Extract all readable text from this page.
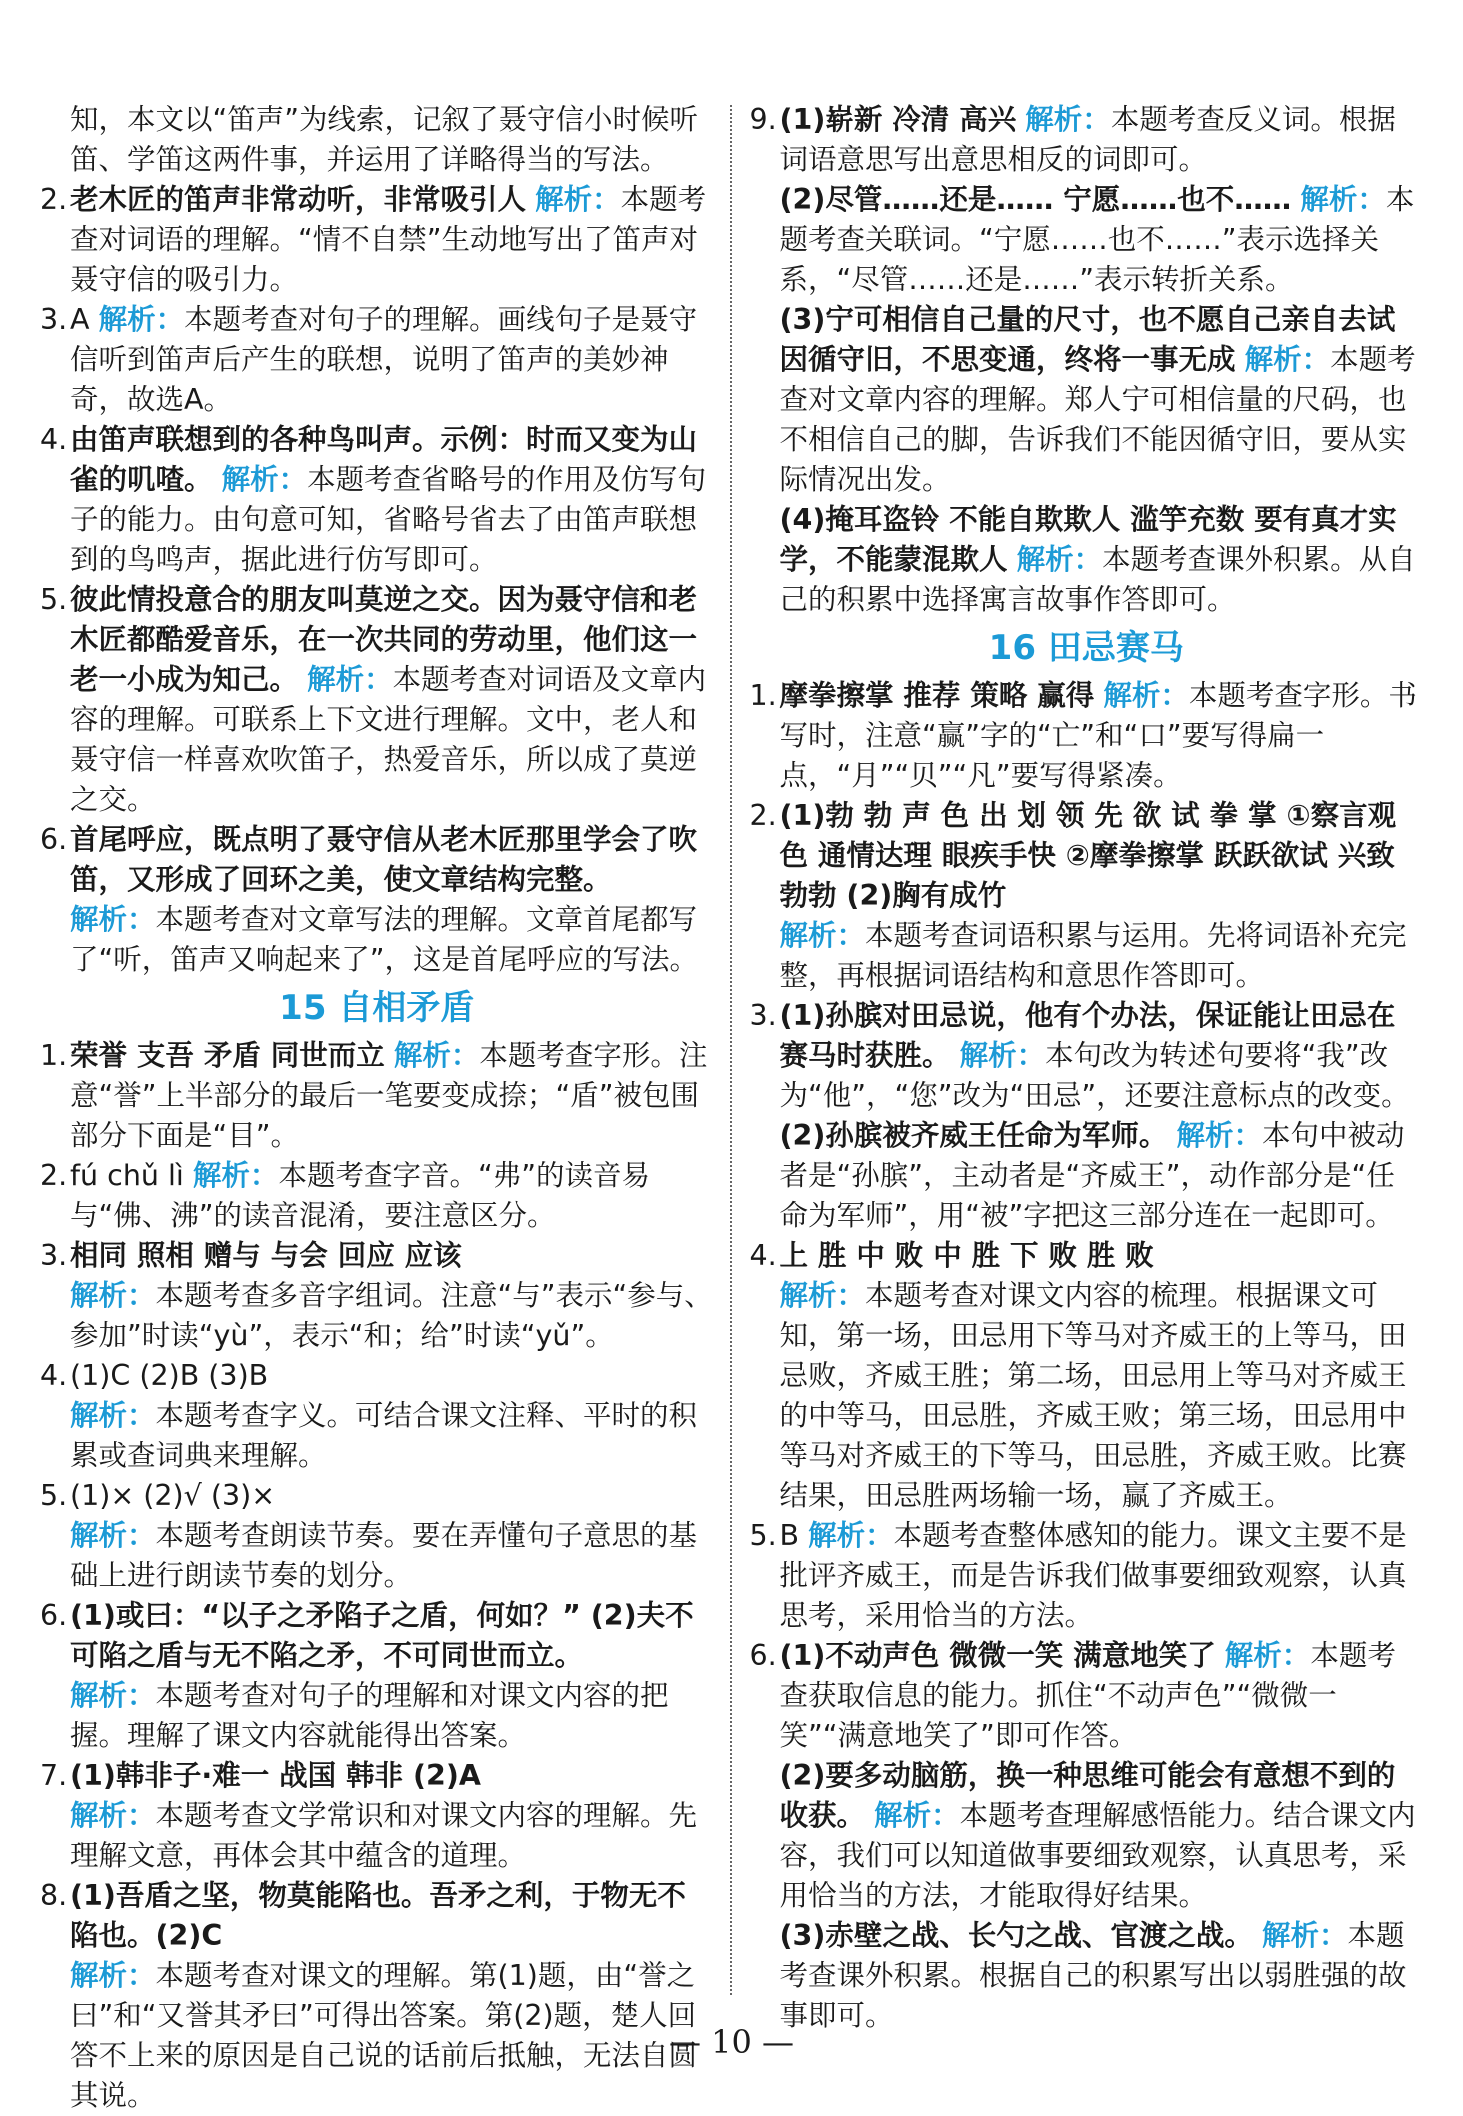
知，本文以“笛声”为线索，记叙了聂守信小时候听笛、学笛这两件事，并运用了详略得当的写法。

2.老木匠的笛声非常动听，非常吸引人 解析：本题考查对词语的理解。“情不自禁”生动地写出了笛声对聂守信的吸引力。

3.A 解析：本题考查对句子的理解。画线句子是聂守信听到笛声后产生的联想，说明了笛声的美妙神奇，故选A。

4.由笛声联想到的各种鸟叫声。示例：时而又变为山雀的叽喳。 解析：本题考查省略号的作用及仿写句子的能力。由句意可知，省略号省去了由笛声联想到的鸟鸣声，据此进行仿写即可。

5.彼此情投意合的朋友叫莫逆之交。因为聂守信和老木匠都酷爱音乐，在一次共同的劳动里，他们这一老一小成为知己。 解析：本题考查对词语及文章内容的理解。可联系上下文进行理解。文中，老人和聂守信一样喜欢吹笛子，热爱音乐，所以成了莫逆之交。

6.首尾呼应，既点明了聂守信从老木匠那里学会了吹笛，又形成了回环之美，使文章结构完整。

解析：本题考查对文章写法的理解。文章首尾都写了“听，笛声又响起来了”，这是首尾呼应的写法。

15 自相矛盾

1.荣誉 支吾 矛盾 同世而立 解析：本题考查字形。注意“誉”上半部分的最后一笔要变成捺；“盾”被包围部分下面是“目”。

2.fú chǔ lì 解析：本题考查字音。“弗”的读音易与“佛、沸”的读音混淆，要注意区分。

3.相同 照相 赠与 与会 回应 应该

解析：本题考查多音字组词。注意“与”表示“参与、参加”时读“yù”，表示“和；给”时读“yǔ”。

4.(1)C (2)B (3)B

解析：本题考查字义。可结合课文注释、平时的积累或查词典来理解。

5.(1)× (2)√ (3)×

解析：本题考查朗读节奏。要在弄懂句子意思的基础上进行朗读节奏的划分。

6.(1)或曰：“以子之矛陷子之盾，何如？” (2)夫不可陷之盾与无不陷之矛，不可同世而立。

解析：本题考查对句子的理解和对课文内容的把握。理解了课文内容就能得出答案。

7.(1)韩非子·难一 战国 韩非 (2)A

解析：本题考查文学常识和对课文内容的理解。先理解文意，再体会其中蕴含的道理。

8.(1)吾盾之坚，物莫能陷也。吾矛之利，于物无不陷也。(2)C

解析：本题考查对课文的理解。第(1)题，由“誉之曰”和“又誉其矛曰”可得出答案。第(2)题，楚人回答不上来的原因是自己说的话前后抵触，无法自圆其说。

9.(1)崭新 冷清 高兴 解析：本题考查反义词。根据词语意思写出意思相反的词即可。

(2)尽管……还是…… 宁愿……也不…… 解析：本题考查关联词。“宁愿……也不……”表示选择关系，“尽管……还是……”表示转折关系。

(3)宁可相信自己量的尺寸，也不愿自己亲自去试 因循守旧，不思变通，终将一事无成 解析：本题考查对文章内容的理解。郑人宁可相信量的尺码，也不相信自己的脚，告诉我们不能因循守旧，要从实际情况出发。

(4)掩耳盗铃 不能自欺欺人 滥竽充数 要有真才实学，不能蒙混欺人 解析：本题考查课外积累。从自己的积累中选择寓言故事作答即可。

16 田忌赛马

1.摩拳擦掌 推荐 策略 赢得 解析：本题考查字形。书写时，注意“赢”字的“亡”和“口”要写得扁一点，“月”“贝”“凡”要写得紧凑。

2.(1)勃 勃 声 色 出 划 领 先 欲 试 拳 掌 ①察言观色 通情达理 眼疾手快 ②摩拳擦掌 跃跃欲试 兴致勃勃 (2)胸有成竹

解析：本题考查词语积累与运用。先将词语补充完整，再根据词语结构和意思作答即可。

3.(1)孙膑对田忌说，他有个办法，保证能让田忌在赛马时获胜。 解析：本句改为转述句要将“我”改为“他”，“您”改为“田忌”，还要注意标点的改变。

(2)孙膑被齐威王任命为军师。 解析：本句中被动者是“孙膑”，主动者是“齐威王”，动作部分是“任命为军师”，用“被”字把这三部分连在一起即可。

4.上 胜 中 败 中 胜 下 败 胜 败

解析：本题考查对课文内容的梳理。根据课文可知，第一场，田忌用下等马对齐威王的上等马，田忌败，齐威王胜；第二场，田忌用上等马对齐威王的中等马，田忌胜，齐威王败；第三场，田忌用中等马对齐威王的下等马，田忌胜，齐威王败。比赛结果，田忌胜两场输一场，赢了齐威王。

5.B 解析：本题考查整体感知的能力。课文主要不是批评齐威王，而是告诉我们做事要细致观察，认真思考，采用恰当的方法。

6.(1)不动声色 微微一笑 满意地笑了 解析：本题考查获取信息的能力。抓住“不动声色”“微微一笑”“满意地笑了”即可作答。

(2)要多动脑筋，换一种思维可能会有意想不到的收获。 解析：本题考查理解感悟能力。结合课文内容，我们可以知道做事要细致观察，认真思考，采用恰当的方法，才能取得好结果。

(3)赤壁之战、长勺之战、官渡之战。 解析：本题考查课外积累。根据自己的积累写出以弱胜强的故事即可。

— 10 —
